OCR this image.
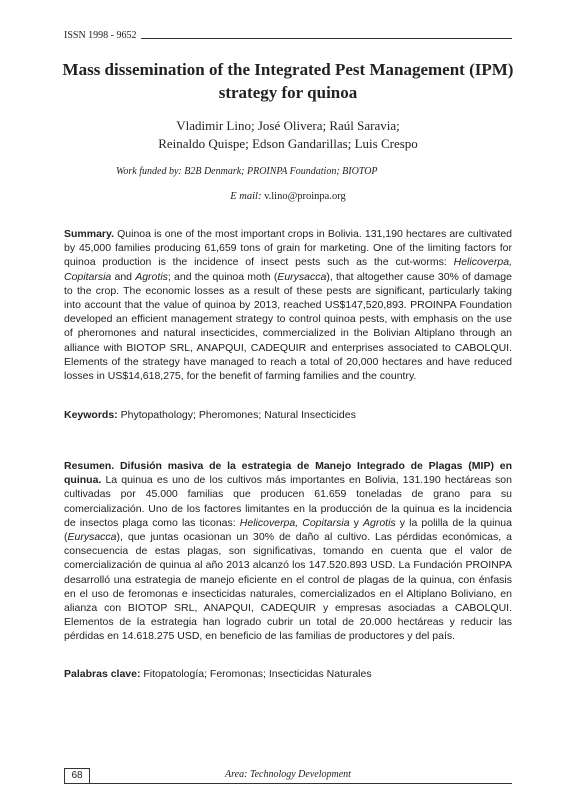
ISSN 1998 - 9652
Mass dissemination of the Integrated Pest Management (IPM) strategy for quinoa
Vladimir Lino; José Olivera; Raúl Saravia;
Reinaldo Quispe; Edson Gandarillas; Luis Crespo
Work funded by: B2B Denmark; PROINPA Foundation; BIOTOP
E mail: v.lino@proinpa.org

Summary. Quinoa is one of the most important crops in Bolivia. 131,190 hectares are cultivated by 45,000 families producing 61,659 tons of grain for marketing. One of the limiting factors for quinoa production is the incidence of insect pests such as the cut-worms: Helicoverpa, Copitarsia and Agrotis; and the quinoa moth (Eurysacca), that altogether cause 30% of damage to the crop. The economic losses as a result of these pests are significant, particularly taking into account that the value of quinoa by 2013, reached US$147,520,893. PROINPA Foundation developed an efficient management strategy to control quinoa pests, with emphasis on the use of pheromones and natural insecticides, commercialized in the Bolivian Altiplano through an alliance with BIOTOP SRL, ANAPQUI, CADEQUIR and enterprises associated to CABOLQUI. Elements of the strategy have managed to reach a total of 20,000 hectares and have reduced losses in US$14,618,275, for the benefit of farming families and the country.

Keywords: Phytopathology; Pheromones; Natural Insecticides

Resumen. Difusión masiva de la estrategia de Manejo Integrado de Plagas (MIP) en quinua. La quinua es uno de los cultivos más importantes en Bolivia, 131.190 hectáreas son cultivadas por 45.000 familias que producen 61.659 toneladas de grano para su comercialización. Uno de los factores limitantes en la producción de la quinua es la incidencia de insectos plaga como las ticonas: Helicoverpa, Copitarsia y Agrotis y la polilla de la quinua (Eurysacca), que juntas ocasionan un 30% de daño al cultivo. Las pérdidas económicas, a consecuencia de estas plagas, son significativas, tomando en cuenta que el valor de comercialización de quinua al año 2013 alcanzó los 147.520.893 USD. La Fundación PROINPA desarrolló una estrategia de manejo eficiente en el control de plagas de la quinua, con énfasis en el uso de feromonas e insecticidas naturales, comercializados en el Altiplano Boliviano, en alianza con BIOTOP SRL, ANAPQUI, CADEQUIR y empresas asociadas a CABOLQUI. Elementos de la estrategia han logrado cubrir un total de 20.000 hectáreas y reducir las pérdidas en 14.618.275 USD, en beneficio de las familias de productores y del país.

Palabras clave: Fitopatología; Feromonas; Insecticidas Naturales

68	Area: Technology Development
